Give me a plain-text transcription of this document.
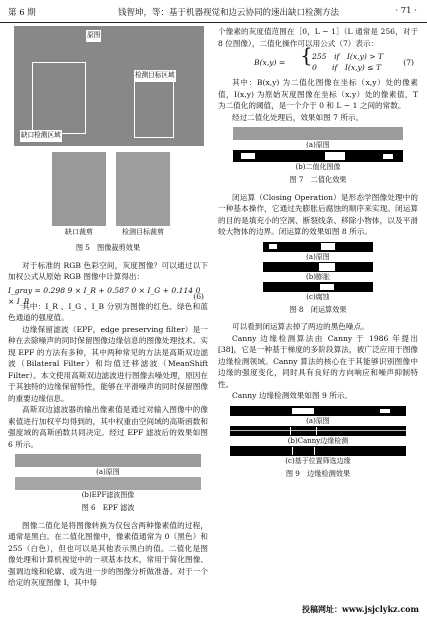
第 6 期	钱智坤，等：基于机器视觉和边云协同的速出缺口检测方法	· 71 ·
原图
检测目标区域
缺口检测区域
缺口裁剪	检测目标裁剪
图 5　图像裁剪效果

对于标准的 RGB 色彩空间，灰度图像？可以通过以下加权公式从原始 RGB 图像中计算得出：

I_gray = 0.298 9 × I_R + 0.587 0 × I_G + 0.114 0 × I_B
(6)

其中：I_R 、I_G 、I_B 分别为图像的红色、绿色和蓝色通道的强度值。

边缘保留滤波（EPF，edge preserving filter）是一种在去除噪声的同时保留图像边缘信息的图像处理技术。实现 EPF 的方法有多种，其中两种常见的方法是高斯双边滤波（Bilateral Filter）和均值迁移滤波（MeanShift Filter）。本文使用高斯双边滤波进行图像去噪处理，原因在于其独特的边缘保留特性，能够在平滑噪声的同时保留图像的重要边缘信息。

高斯双边滤波器的输出像素值是通过对输入图像中的像素值进行加权平均得到的，其中权重由空间域的高斯函数和强度域的高斯函数共同决定。经过 EPF 滤波后的效果如图 6 所示。

(a)原图
(b)EPF滤波图像
图 6　EPF 滤波

图像二值化是将图像转换为仅包含两种像素值的过程，通常是黑白。在二值化图像中，像素值通常为 0（黑色）和 255（白色），但也可以是其他表示黑白的值。二值化是图像处理和计算机视觉中的一项基本技术，常用于简化图像、强调边缘和轮廓、或为进一步的图像分析做准备。对于一个给定的灰度图像 I，其中每

个像素的灰度值范围在［0，L − 1］（L 通常是 256，对于 8 位图像），二值化操作可以用公式（7）表示：

B(x,y) = { 255　if　I(x,y) > T
0　　if　I(x,y) ≤ T
(7)

其中：B(x,y) 为二值化图像在坐标（x,y）处的像素值，I(x,y) 为原始灰度图像在坐标（x,y）处的像素值，T 为二值化的阈值，是一个介于 0 和 L − 1 之间的常数。

经过二值化处理后，效果如图 7 所示。

(a)原图
(b)二值化图像
图 7　二值化效果

闭运算（Closing Operation）是形态学图像处理中的一种基本操作，它通过先膨胀后腐蚀的顺序来实现。闭运算的目的是填充小的空洞、断裂线条、移除小物体，以及平滑较大物体的边界。闭运算的效果如图 8 所示。

(a)原图
(b)膨胀
(c)腐蚀
图 8　闭运算效果

可以看到闭运算去掉了两边的黑色噪点。

Canny 边缘检测算法由 Canny 于 1986 年提出[38]，它是一种基于梯度的多阶段算法，被广泛应用于图像边缘检测领域。Canny 算法的核心在于其能够识别图像中边缘的强度变化，同时具有良好的方向响应和噪声抑制特性。

Canny 边缘检测效果如图 9 所示。

(a)原图
(b)Canny边缘检测
(c)基于位置筛选边缘
图 9　边缘检测效果
投稿网址：www.jsjclykz.com
